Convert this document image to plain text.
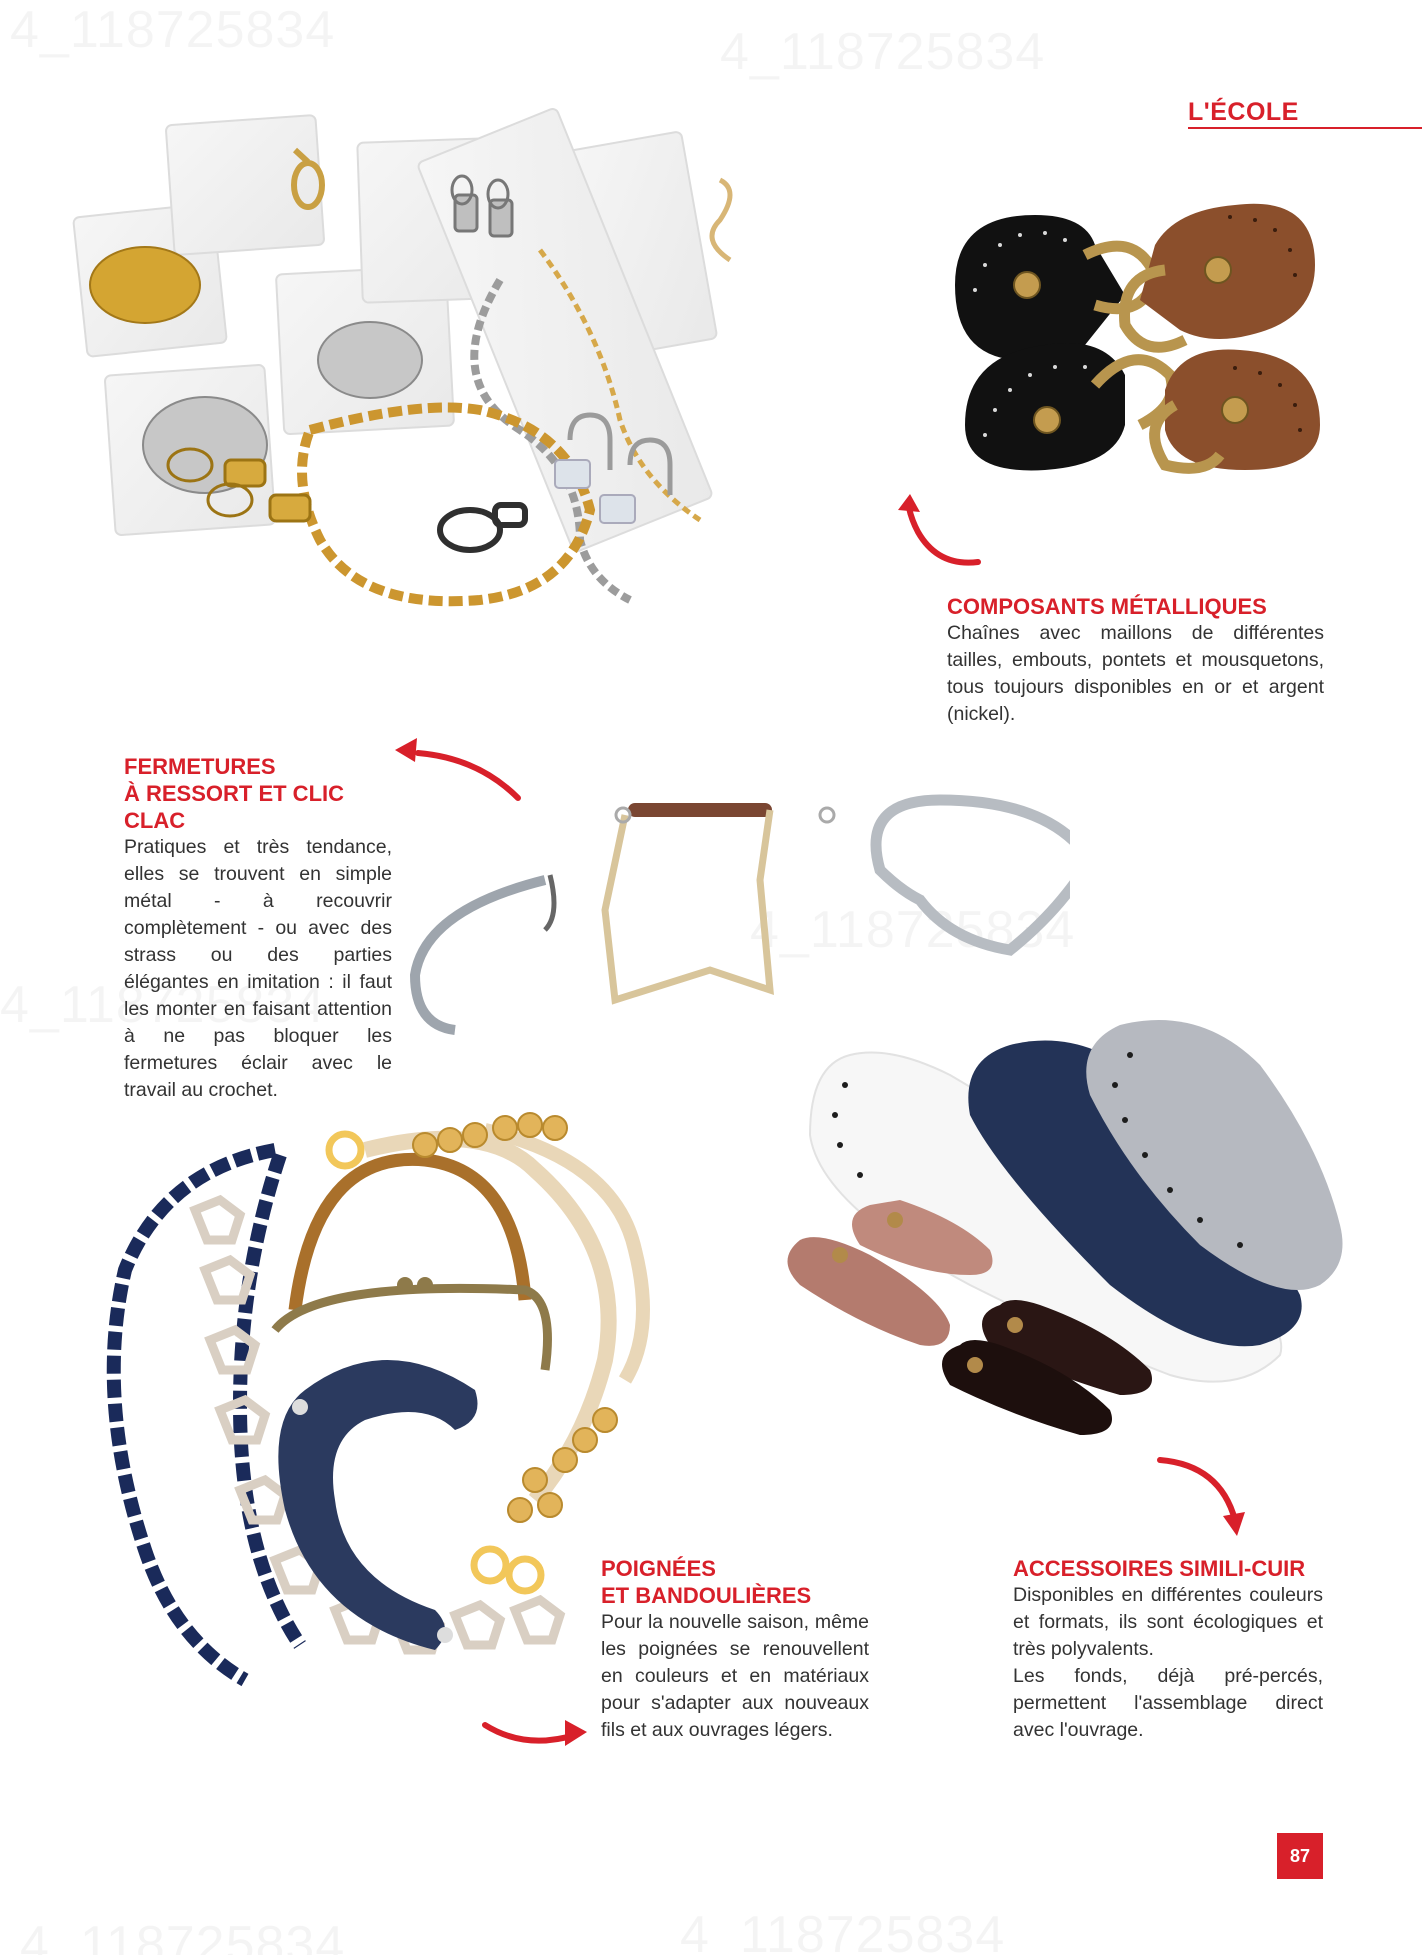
L'ÉCOLE
COMPOSANTS MÉTALLIQUES
Chaînes avec maillons de différentes tailles, embouts, pontets et mousquetons, tous toujours disponibles en or et argent (nickel).
FERMETURES
À RESSORT ET CLIC
CLAC
Pratiques et très tendance, elles se trouvent en simple métal - à recouvrir complètement - ou avec des strass ou des parties élégantes en imitation : il faut les monter en faisant attention à ne pas bloquer les fermetures éclair avec le travail au crochet.
POIGNÉES
ET BANDOULIÈRES
Pour la nouvelle saison, même les poignées se renouvellent en couleurs et en matériaux pour s'adapter aux nouveaux fils et aux ouvrages légers.
ACCESSOIRES SIMILI-CUIR
Disponibles en différentes couleurs et formats, ils sont écologiques et très polyvalents.
Les fonds, déjà pré-percés, permettent l'assemblage direct avec l'ouvrage.
87
